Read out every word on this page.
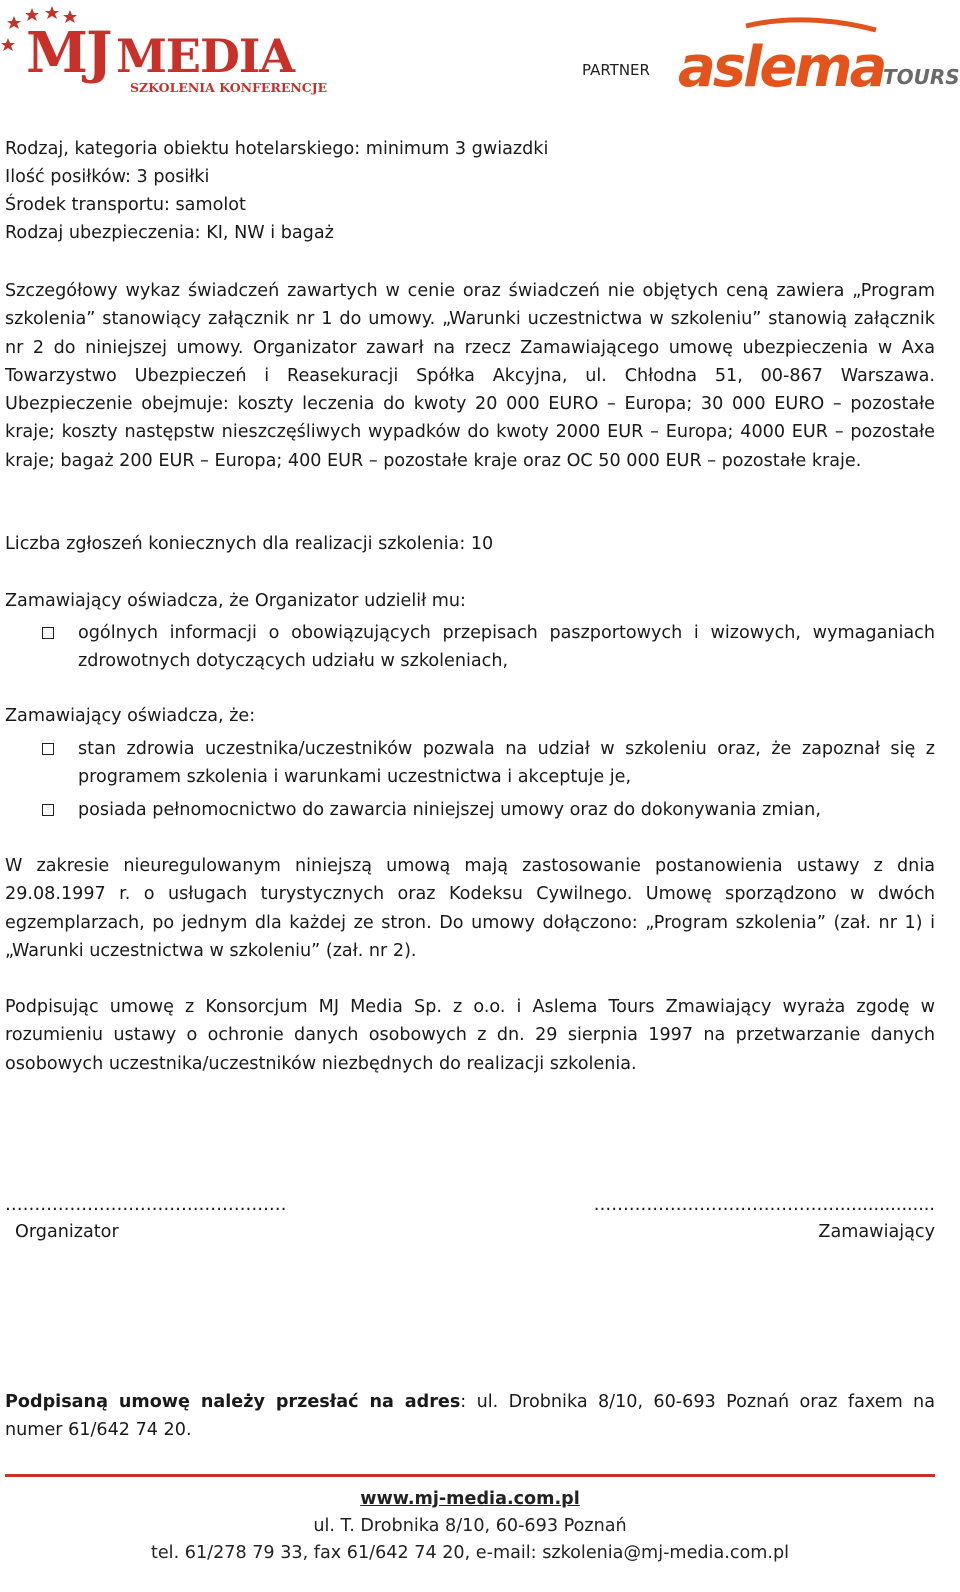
MJ MEDIA
SZKOLENIA KONFERENCJE
PARTNER aslema
TOURS
Rodzaj, kategoria obiektu hotelarskiego: minimum 3 gwiazdki
Ilość posiłków: 3 posiłki
Środek transportu: samolot
Rodzaj ubezpieczenia: KI, NW i bagaż
Szczegółowy wykaz świadczeń zawartych w cenie oraz świadczeń nie objętych ceną zawiera „Program szkolenia” stanowiący załącznik nr 1 do umowy. „Warunki uczestnictwa w szkoleniu” stanowią załącznik nr 2 do niniejszej umowy. Organizator zawarł na rzecz Zamawiającego umowę ubezpieczenia w Axa Towarzystwo Ubezpieczeń i Reasekuracji Spółka Akcyjna, ul. Chłodna 51, 00-867 Warszawa. Ubezpieczenie obejmuje: koszty leczenia do kwoty 20 000 EURO – Europa; 30 000 EURO – pozostałe kraje; koszty następstw nieszczęśliwych wypadków do kwoty 2000 EUR – Europa; 4000 EUR – pozostałe kraje; bagaż 200 EUR – Europa; 400 EUR – pozostałe kraje oraz OC 50 000 EUR – pozostałe kraje.
Liczba zgłoszeń koniecznych dla realizacji szkolenia: 10
Zamawiający oświadcza, że Organizator udzielił mu:
ogólnych informacji o obowiązujących przepisach paszportowych i wizowych, wymaganiach zdrowotnych dotyczących udziału w szkoleniach,
Zamawiający oświadcza, że:
stan zdrowia uczestnika/uczestników pozwala na udział w szkoleniu oraz, że zapoznał się z programem szkolenia i warunkami uczestnictwa i akceptuje je,
posiada pełnomocnictwo do zawarcia niniejszej umowy oraz do dokonywania zmian,
W zakresie nieuregulowanym niniejszą umową mają zastosowanie postanowienia ustawy z dnia 29.08.1997 r. o usługach turystycznych oraz Kodeksu Cywilnego. Umowę sporządzono w dwóch egzemplarzach, po jednym dla każdej ze stron. Do umowy dołączono: „Program szkolenia” (zał. nr 1) i „Warunki uczestnictwa w szkoleniu” (zał. nr 2).
Podpisując umowę z Konsorcjum MJ Media Sp. z o.o. i Aslema Tours Zmawiający wyraża zgodę w rozumieniu ustawy o ochronie danych osobowych z dn. 29 sierpnia 1997 na przetwarzanie danych osobowych uczestnika/uczestników niezbędnych do realizacji szkolenia.
…………………………………………
Organizator
…………………………………….................
Zamawiający
Podpisaną umowę należy przesłać na adres: ul. Drobnika 8/10, 60-693 Poznań oraz faxem na numer 61/642 74 20.
www.mj-media.com.pl
ul. T. Drobnika 8/10, 60-693 Poznań
tel. 61/278 79 33, fax 61/642 74 20, e-mail: szkolenia@mj-media.com.pl
